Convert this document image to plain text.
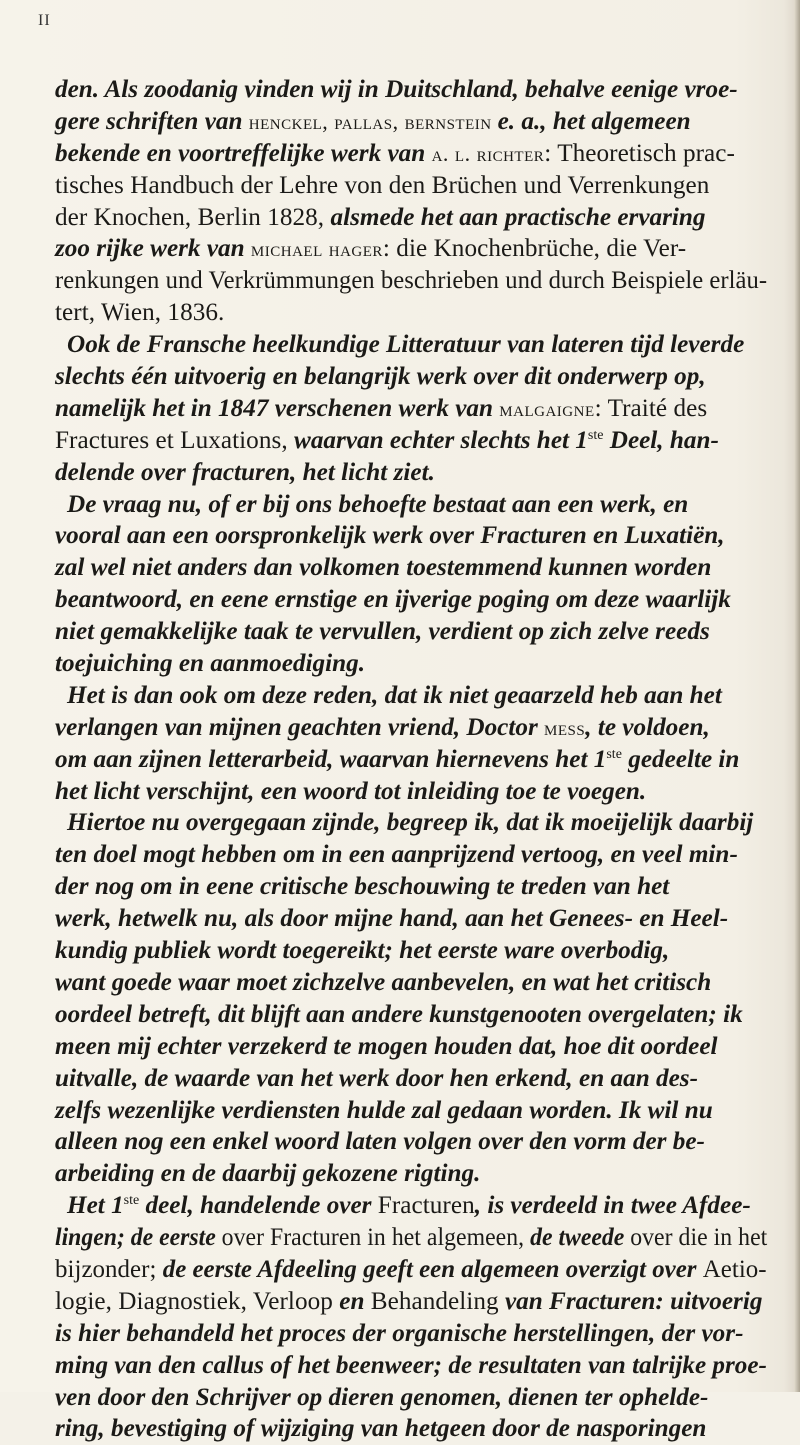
II
den. Als zoodanig vinden wij in Duitschland, behalve eenige vroe-
gere schriften van henckel, pallas, bernstein e. a., het algemeen
bekende en voortreffelijke werk van a. l. richter: Theoretisch prac-
tisches Handbuch der Lehre von den Brüchen und Verrenkungen
der Knochen, Berlin 1828, alsmede het aan practische ervaring
zoo rijke werk van michael hager: die Knochenbrüche, die Ver-
renkungen und Verkrümmungen beschrieben und durch Beispiele erläu-
tert, Wien, 1836.
Ook de Fransche heelkundige Litteratuur van lateren tijd leverde
slechts één uitvoerig en belangrijk werk over dit onderwerp op,
namelijk het in 1847 verschenen werk van malgaigne: Traité des
Fractures et Luxations, waarvan echter slechts het 1ste Deel, han-
delende over fracturen, het licht ziet.
De vraag nu, of er bij ons behoefte bestaat aan een werk, en
vooral aan een oorspronkelijk werk over Fracturen en Luxatiën,
zal wel niet anders dan volkomen toestemmend kunnen worden
beantwoord, en eene ernstige en ijverige poging om deze waarlijk
niet gemakkelijke taak te vervullen, verdient op zich zelve reeds
toejuiching en aanmoediging.
Het is dan ook om deze reden, dat ik niet geaarzeld heb aan het
verlangen van mijnen geachten vriend, Doctor mess, te voldoen,
om aan zijnen letterarbeid, waarvan hiernevens het 1ste gedeelte in
het licht verschijnt, een woord tot inleiding toe te voegen.
Hiertoe nu overgegaan zijnde, begreep ik, dat ik moeijelijk daarbij
ten doel mogt hebben om in een aanprijzend vertoog, en veel min-
der nog om in eene critische beschouwing te treden van het
werk, hetwelk nu, als door mijne hand, aan het Genees- en Heel-
kundig publiek wordt toegereikt; het eerste ware overbodig,
want goede waar moet zichzelve aanbevelen, en wat het critisch
oordeel betreft, dit blijft aan andere kunstgenooten overgelaten; ik
meen mij echter verzekerd te mogen houden dat, hoe dit oordeel
uitvalle, de waarde van het werk door hen erkend, en aan des-
zelfs wezenlijke verdiensten hulde zal gedaan worden. Ik wil nu
alleen nog een enkel woord laten volgen over den vorm der be-
arbeiding en de daarbij gekozene rigting.
Het 1ste deel, handelende over Fracturen, is verdeeld in twee Afdee-
lingen; de eerste over Fracturen in het algemeen, de tweede over die in het
bijzonder; de eerste Afdeeling geeft een algemeen overzigt over Aetio-
logie, Diagnostiek, Verloop en Behandeling van Fracturen: uitvoerig
is hier behandeld het proces der organische herstellingen, der vor-
ming van den callus of het beenweer; de resultaten van talrijke proe-
ven door den Schrijver op dieren genomen, dienen ter ophelde-
ring, bevestiging of wijziging van hetgeen door de nasporingen
